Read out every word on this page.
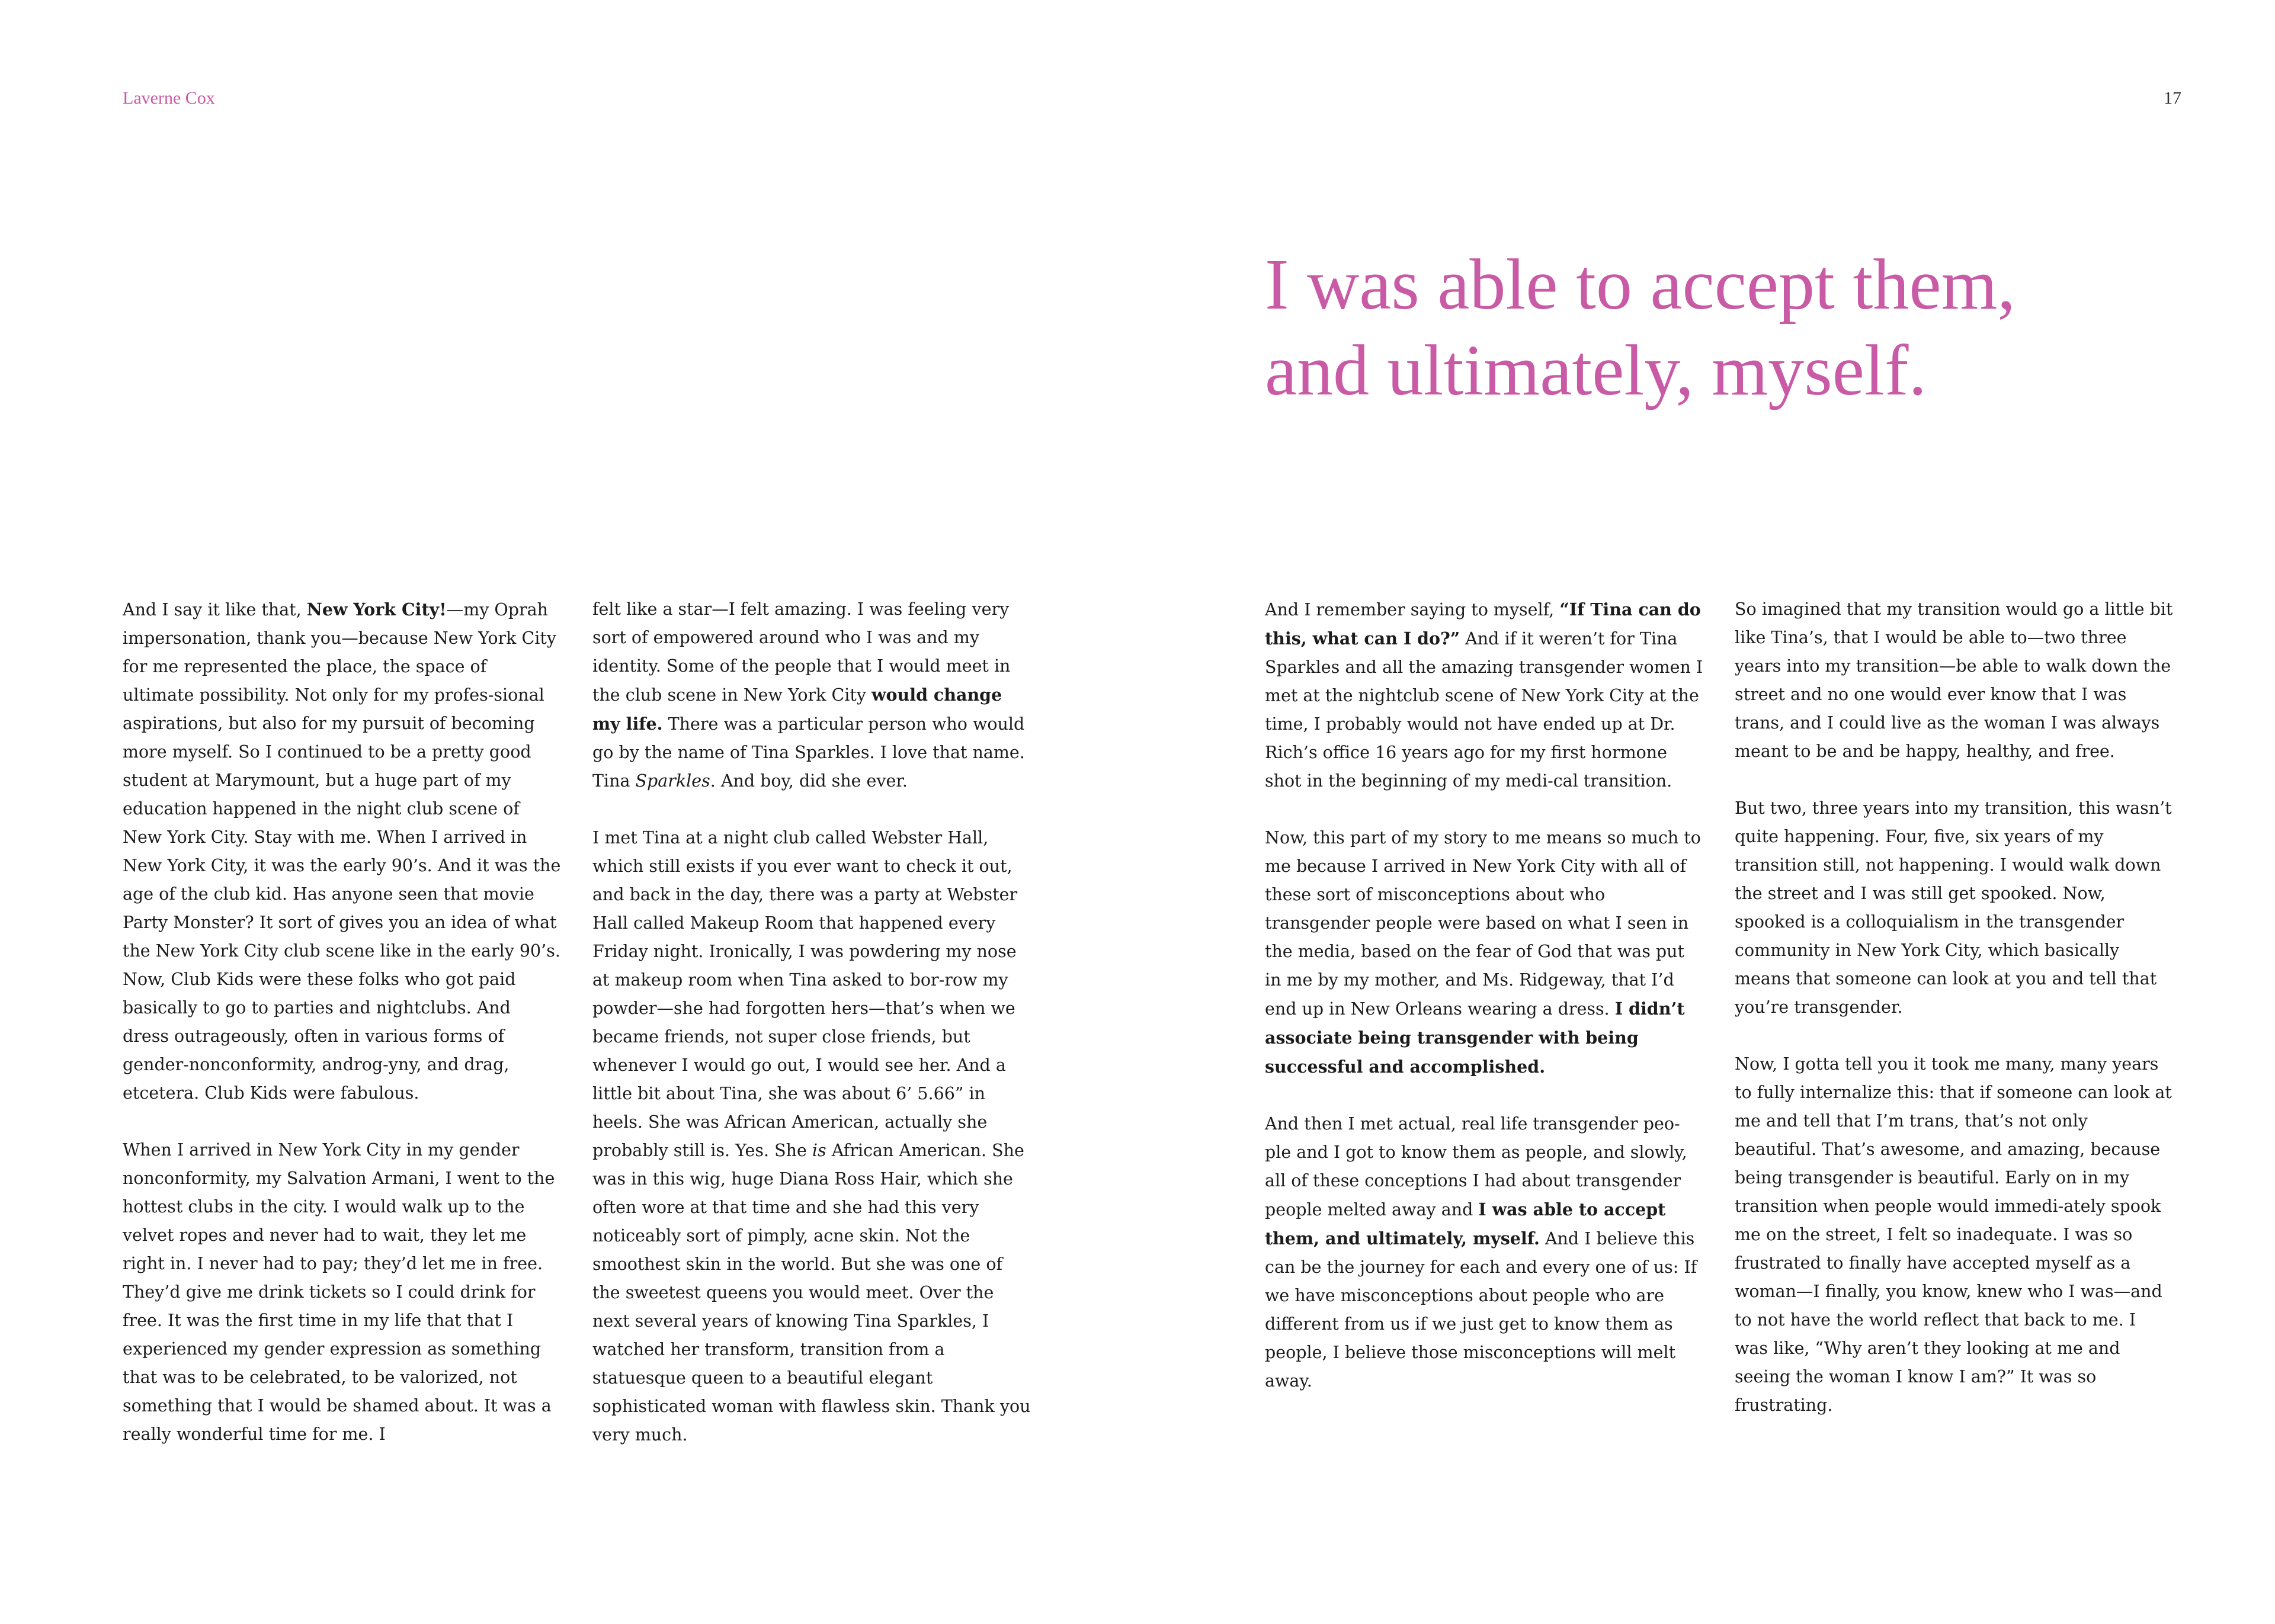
Laverne Cox	17
I was able to accept them, and ultimately, myself.

And I say it like that, New York City!—my Oprah impersonation, thank you—because New York City for me represented the place, the space of ultimate possibility. Not only for my profes-sional aspirations, but also for my pursuit of becoming more myself. So I continued to be a pretty good student at Marymount, but a huge part of my education happened in the night club scene of New York City. Stay with me. When I arrived in New York City, it was the early 90’s. And it was the age of the club kid. Has anyone seen that movie Party Monster? It sort of gives you an idea of what the New York City club scene like in the early 90’s. Now, Club Kids were these folks who got paid basically to go to parties and nightclubs. And dress outrageously, often in various forms of gender-nonconformity, androg-yny, and drag, etcetera. Club Kids were fabulous.

When I arrived in New York City in my gender nonconformity, my Salvation Armani, I went to the hottest clubs in the city. I would walk up to the velvet ropes and never had to wait, they let me right in. I never had to pay; they’d let me in free. They’d give me drink tickets so I could drink for free. It was the first time in my life that that I experienced my gender expression as something that was to be celebrated, to be valorized, not something that I would be shamed about. It was a really wonderful time for me. I

felt like a star—I felt amazing. I was feeling very sort of empowered around who I was and my identity. Some of the people that I would meet in the club scene in New York City would change my life. There was a particular person who would go by the name of Tina Sparkles. I love that name. Tina Sparkles. And boy, did she ever.

I met Tina at a night club called Webster Hall, which still exists if you ever want to check it out, and back in the day, there was a party at Webster Hall called Makeup Room that happened every Friday night. Ironically, I was powdering my nose at makeup room when Tina asked to bor-row my powder—she had forgotten hers—that’s when we became friends, not super close friends, but whenever I would go out, I would see her. And a little bit about Tina, she was about 6’ 5.66” in heels. She was African American, actually she probably still is. Yes. She is African American. She was in this wig, huge Diana Ross Hair, which she often wore at that time and she had this very noticeably sort of pimply, acne skin. Not the smoothest skin in the world. But she was one of the sweetest queens you would meet. Over the next several years of knowing Tina Sparkles, I watched her transform, transition from a statuesque queen to a beautiful elegant sophisticated woman with flawless skin. Thank you very much.

And I remember saying to myself, “If Tina can do this, what can I do?” And if it weren’t for Tina Sparkles and all the amazing transgender women I met at the nightclub scene of New York City at the time, I probably would not have ended up at Dr. Rich’s office 16 years ago for my first hormone shot in the beginning of my medi-cal transition.

Now, this part of my story to me means so much to me because I arrived in New York City with all of these sort of misconceptions about who transgender people were based on what I seen in the media, based on the fear of God that was put in me by my mother, and Ms. Ridgeway, that I’d end up in New Orleans wearing a dress. I didn’t associate being transgender with being successful and accomplished.

And then I met actual, real life transgender peo-ple and I got to know them as people, and slowly, all of these conceptions I had about transgender people melted away and I was able to accept them, and ultimately, myself. And I believe this can be the journey for each and every one of us: If we have misconceptions about people who are different from us if we just get to know them as people, I believe those misconceptions will melt away.

So imagined that my transition would go a little bit like Tina’s, that I would be able to—two three years into my transition—be able to walk down the street and no one would ever know that I was trans, and I could live as the woman I was always meant to be and be happy, healthy, and free.

But two, three years into my transition, this wasn’t quite happening. Four, five, six years of my transition still, not happening. I would walk down the street and I was still get spooked. Now, spooked is a colloquialism in the transgender community in New York City, which basically means that someone can look at you and tell that you’re transgender.

Now, I gotta tell you it took me many, many years to fully internalize this: that if someone can look at me and tell that I’m trans, that’s not only beautiful. That’s awesome, and amazing, because being transgender is beautiful. Early on in my transition when people would immedi-ately spook me on the street, I felt so inadequate. I was so frustrated to finally have accepted myself as a woman—I finally, you know, knew who I was—and to not have the world reflect that back to me. I was like, “Why aren’t they looking at me and seeing the woman I know I am?” It was so frustrating.
